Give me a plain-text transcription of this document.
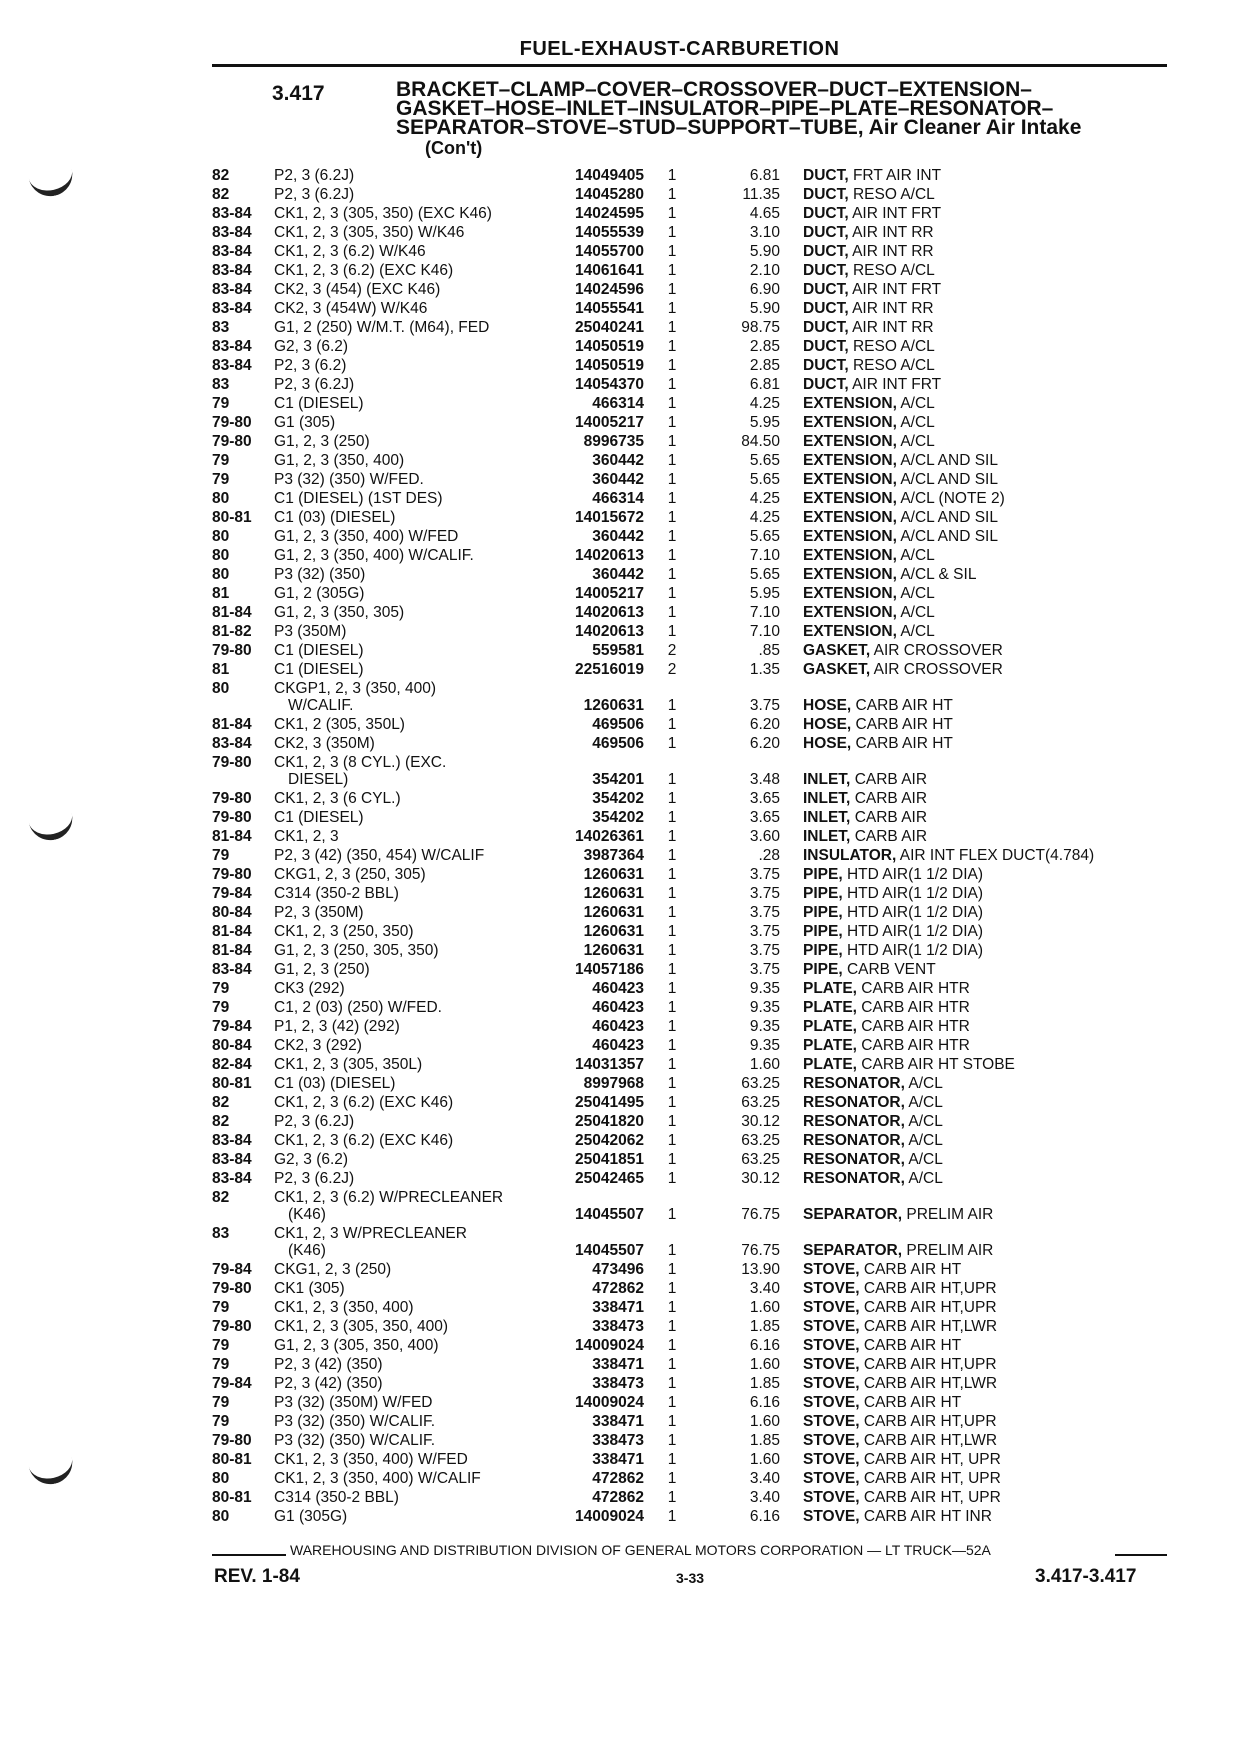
FUEL-EXHAUST-CARBURETION
3.417	BRACKET–CLAMP–COVER–CROSSOVER–DUCT–EXTENSION–
GASKET–HOSE–INLET–INSULATOR–PIPE–PLATE–RESONATOR–
SEPARATOR–STOVE–STUD–SUPPORT–TUBE, Air Cleaner Air Intake
(Con't)
82	P2, 3 (6.2J)	14049405 1	6.81 DUCT, FRT AIR INT
82	P2, 3 (6.2J)	14045280 1	11.35 DUCT, RESO A/CL
83-84 CK1, 2, 3 (305, 350) (EXC K46)	14024595 1	4.65 DUCT, AIR INT FRT
83-84 CK1, 2, 3 (305, 350) W/K46	14055539 1	3.10 DUCT, AIR INT RR
83-84 CK1, 2, 3 (6.2) W/K46	14055700 1	5.90 DUCT, AIR INT RR
83-84 CK1, 2, 3 (6.2) (EXC K46)	14061641 1	2.10 DUCT, RESO A/CL
83-84 CK2, 3 (454) (EXC K46)	14024596 1	6.90 DUCT, AIR INT FRT
83-84 CK2, 3 (454W) W/K46	14055541 1	5.90 DUCT, AIR INT RR
83	G1, 2 (250) W/M.T. (M64), FED	25040241 1	98.75 DUCT, AIR INT RR
83-84 G2, 3 (6.2)	14050519 1	2.85 DUCT, RESO A/CL
83-84 P2, 3 (6.2)	14050519 1	2.85 DUCT, RESO A/CL
83	P2, 3 (6.2J)	14054370 1	6.81 DUCT, AIR INT FRT
79	C1 (DIESEL)	466314 1	4.25 EXTENSION, A/CL
79-80 G1 (305)	14005217 1	5.95 EXTENSION, A/CL
79-80 G1, 2, 3 (250)	8996735 1	84.50 EXTENSION, A/CL
79	G1, 2, 3 (350, 400)	360442 1	5.65 EXTENSION, A/CL AND SIL
79	P3 (32) (350) W/FED.	360442 1	5.65 EXTENSION, A/CL AND SIL
80	C1 (DIESEL) (1ST DES)	466314 1	4.25 EXTENSION, A/CL (NOTE 2)
80-81 C1 (03) (DIESEL)	14015672 1	4.25 EXTENSION, A/CL AND SIL
80	G1, 2, 3 (350, 400) W/FED	360442 1	5.65 EXTENSION, A/CL AND SIL
80	G1, 2, 3 (350, 400) W/CALIF.	14020613 1	7.10 EXTENSION, A/CL
80	P3 (32) (350)	360442 1	5.65 EXTENSION, A/CL & SIL
81	G1, 2 (305G)	14005217 1	5.95 EXTENSION, A/CL
81-84 G1, 2, 3 (350, 305)	14020613 1	7.10 EXTENSION, A/CL
81-82 P3 (350M)	14020613 1	7.10 EXTENSION, A/CL
79-80 C1 (DIESEL)	559581 2	.85 GASKET, AIR CROSSOVER
81	C1 (DIESEL)	22516019 2	1.35 GASKET, AIR CROSSOVER
80	CKGP1, 2, 3 (350, 400)
W/CALIF.	1260631 1	3.75 HOSE, CARB AIR HT
81-84 CK1, 2 (305, 350L)	469506 1	6.20 HOSE, CARB AIR HT
83-84 CK2, 3 (350M)	469506 1	6.20 HOSE, CARB AIR HT
79-80 CK1, 2, 3 (8 CYL.) (EXC.
DIESEL)	354201 1	3.48 INLET, CARB AIR
79-80 CK1, 2, 3 (6 CYL.)	354202 1	3.65 INLET, CARB AIR
79-80 C1 (DIESEL)	354202 1	3.65 INLET, CARB AIR
81-84 CK1, 2, 3	14026361 1	3.60 INLET, CARB AIR
79	P2, 3 (42) (350, 454) W/CALIF	3987364 1	.28 INSULATOR, AIR INT FLEX DUCT(4.784)
79-80 CKG1, 2, 3 (250, 305)	1260631 1	3.75 PIPE, HTD AIR(1 1/2 DIA)
79-84 C314 (350-2 BBL)	1260631 1	3.75 PIPE, HTD AIR(1 1/2 DIA)
80-84 P2, 3 (350M)	1260631 1	3.75 PIPE, HTD AIR(1 1/2 DIA)
81-84 CK1, 2, 3 (250, 350)	1260631 1	3.75 PIPE, HTD AIR(1 1/2 DIA)
81-84 G1, 2, 3 (250, 305, 350)	1260631 1	3.75 PIPE, HTD AIR(1 1/2 DIA)
83-84 G1, 2, 3 (250)	14057186 1	3.75 PIPE, CARB VENT
79	CK3 (292)	460423 1	9.35 PLATE, CARB AIR HTR
79	C1, 2 (03) (250) W/FED.	460423 1	9.35 PLATE, CARB AIR HTR
79-84 P1, 2, 3 (42) (292)	460423 1	9.35 PLATE, CARB AIR HTR
80-84 CK2, 3 (292)	460423 1	9.35 PLATE, CARB AIR HTR
82-84 CK1, 2, 3 (305, 350L)	14031357 1	1.60 PLATE, CARB AIR HT STOBE
80-81 C1 (03) (DIESEL)	8997968 1	63.25 RESONATOR, A/CL
82	CK1, 2, 3 (6.2) (EXC K46)	25041495 1	63.25 RESONATOR, A/CL
82	P2, 3 (6.2J)	25041820 1	30.12 RESONATOR, A/CL
83-84 CK1, 2, 3 (6.2) (EXC K46)	25042062 1	63.25 RESONATOR, A/CL
83-84 G2, 3 (6.2)	25041851 1	63.25 RESONATOR, A/CL
83-84 P2, 3 (6.2J)	25042465 1	30.12 RESONATOR, A/CL
82	CK1, 2, 3 (6.2) W/PRECLEANER
(K46)	14045507 1	76.75 SEPARATOR, PRELIM AIR
83	CK1, 2, 3 W/PRECLEANER
(K46)	14045507 1	76.75 SEPARATOR, PRELIM AIR
79-84 CKG1, 2, 3 (250)	473496 1	13.90 STOVE, CARB AIR HT
79-80 CK1 (305)	472862 1	3.40 STOVE, CARB AIR HT,UPR
79	CK1, 2, 3 (350, 400)	338471 1	1.60 STOVE, CARB AIR HT,UPR
79-80 CK1, 2, 3 (305, 350, 400)	338473 1	1.85 STOVE, CARB AIR HT,LWR
79	G1, 2, 3 (305, 350, 400)	14009024 1	6.16 STOVE, CARB AIR HT
79	P2, 3 (42) (350)	338471 1	1.60 STOVE, CARB AIR HT,UPR
79-84 P2, 3 (42) (350)	338473 1	1.85 STOVE, CARB AIR HT,LWR
79	P3 (32) (350M) W/FED	14009024 1	6.16 STOVE, CARB AIR HT
79	P3 (32) (350) W/CALIF.	338471 1	1.60 STOVE, CARB AIR HT,UPR
79-80 P3 (32) (350) W/CALIF.	338473 1	1.85 STOVE, CARB AIR HT,LWR
80-81 CK1, 2, 3 (350, 400) W/FED	338471 1	1.60 STOVE, CARB AIR HT, UPR
80	CK1, 2, 3 (350, 400) W/CALIF	472862 1	3.40 STOVE, CARB AIR HT, UPR
80-81 C314 (350-2 BBL)	472862 1	3.40 STOVE, CARB AIR HT, UPR
80	G1 (305G)	14009024 1	6.16 STOVE, CARB AIR HT INR
WAREHOUSING AND DISTRIBUTION DIVISION OF GENERAL MOTORS CORPORATION — LT TRUCK—52A
REV. 1-84	3-33	3.417-3.417
